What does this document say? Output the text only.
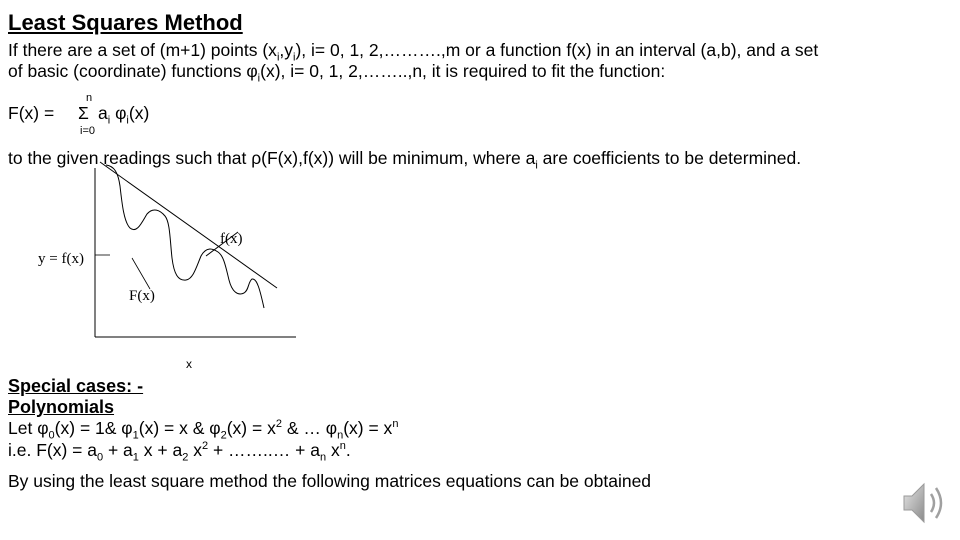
Least Squares Method
If there are a set of (m+1) points $(x_i,y_i)$, i= 0, 1, 2,……….,m or a function f(x) in an interval (a,b), and a set
of basic (coordinate) functions $\varphi_i(x)$, i= 0, 1, 2,……..,n, it is required to fit the function:
F(x) =
n
Σ
i=0
$a_i$ $\varphi_i(x)$
to the given readings such that ρ(F(x),f(x)) will be minimum, where $a_i$ are coefficients to be determined.
f(x)
y = f(x)
F(x)
x
Special cases: -
Polynomials
Let $\varphi_0(x)$ = 1& $\varphi_1(x) = x$ & $\varphi_2(x) = x^2$ & … $\varphi_n(x) = x^n$
i.e. $F(x) = a_0 + a_1$ $x + a_2$ $x^2$ + ……..… + $a_n$ $x^n$.
By using the least square method the following matrices equations can be obtained
